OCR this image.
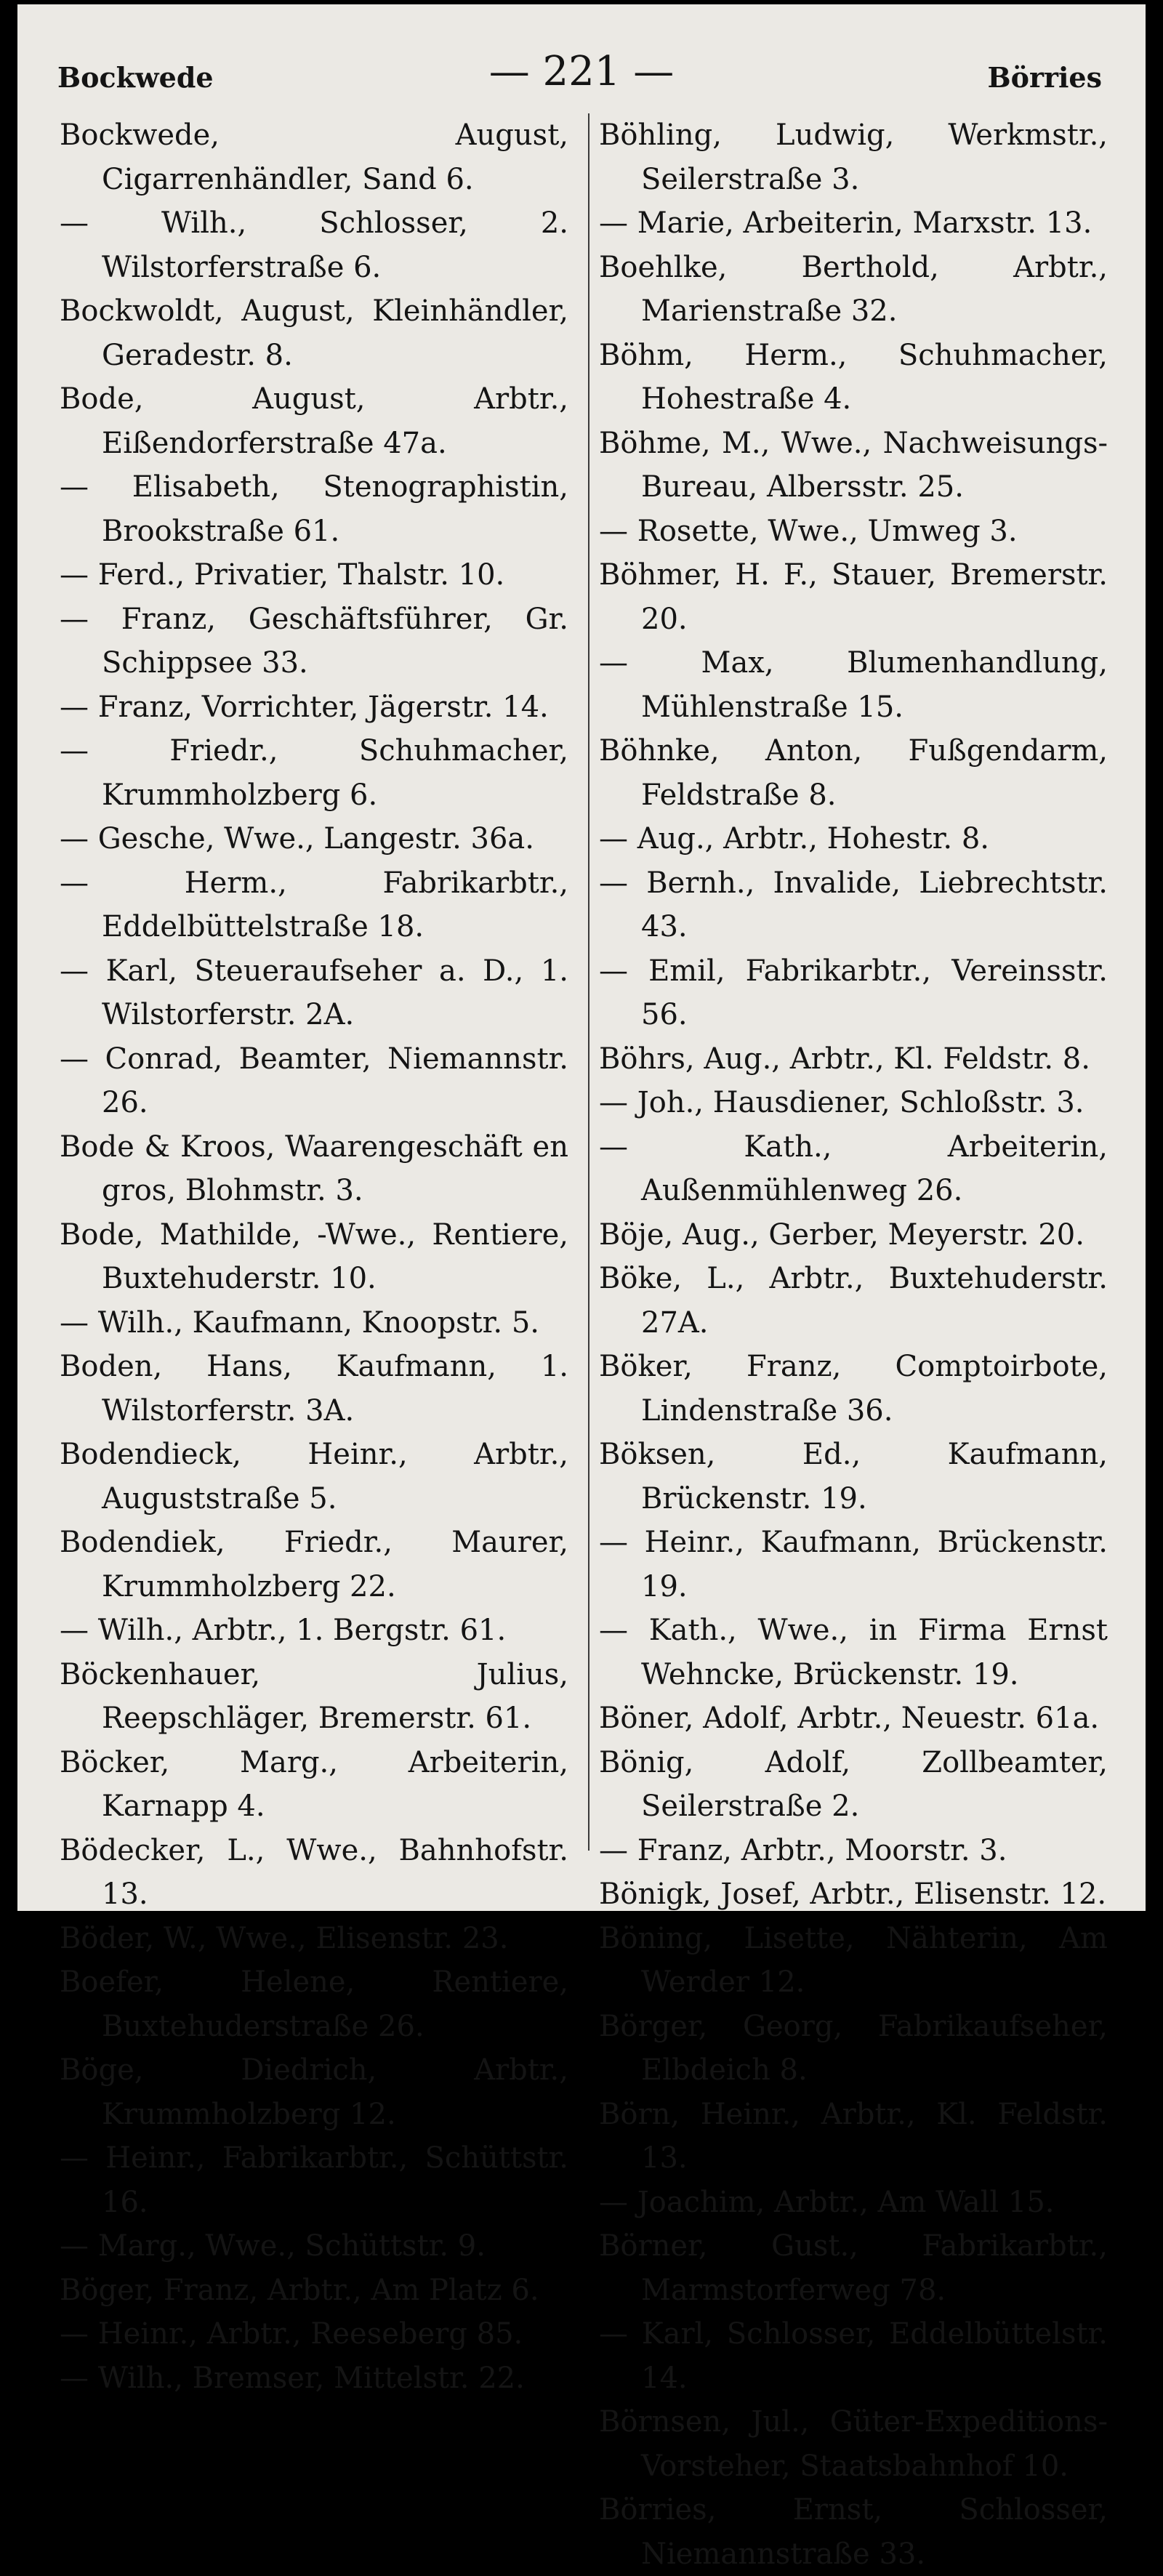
Bockwede	— 221 —	Börries

Bockwede, August, Cigarrenhändler, Sand 6.

— Wilh., Schlosser, 2. Wilstorferstraße 6.

Bockwoldt, August, Kleinhändler, Geradestr. 8.

Bode, August, Arbtr., Eißendorferstraße 47a.

— Elisabeth, Stenographistin, Brookstraße 61.

— Ferd., Privatier, Thalstr. 10.

— Franz, Geschäftsführer, Gr. Schippsee 33.

— Franz, Vorrichter, Jägerstr. 14.

— Friedr., Schuhmacher, Krummholzberg 6.

— Gesche, Wwe., Langestr. 36a.

— Herm., Fabrikarbtr., Eddelbüttelstraße 18.

— Karl, Steueraufseher a. D., 1. Wilstorferstr. 2A.

— Conrad, Beamter, Niemannstr. 26.

Bode & Kroos, Waarengeschäft en gros, Blohmstr. 3.

Bode, Mathilde, -Wwe., Rentiere, Buxtehuderstr. 10.

— Wilh., Kaufmann, Knoopstr. 5.

Boden, Hans, Kaufmann, 1. Wilstorferstr. 3A.

Bodendieck, Heinr., Arbtr., Auguststraße 5.

Bodendiek, Friedr., Maurer, Krummholzberg 22.

— Wilh., Arbtr., 1. Bergstr. 61.

Böckenhauer, Julius, Reepschläger, Bremerstr. 61.

Böcker, Marg., Arbeiterin, Karnapp 4.

Bödecker, L., Wwe., Bahnhofstr. 13.

Böder, W., Wwe., Elisenstr. 23.

Boefer, Helene, Rentiere, Buxtehuderstraße 26.

Böge, Diedrich, Arbtr., Krummholzberg 12.

— Heinr., Fabrikarbtr., Schüttstr. 16.

— Marg., Wwe., Schüttstr. 9.

Böger, Franz, Arbtr., Am Platz 6.

— Heinr., Arbtr., Reeseberg 85.

— Wilh., Bremser, Mittelstr. 22.

Böhling, Ludwig, Werkmstr., Seilerstraße 3.

— Marie, Arbeiterin, Marxstr. 13.

Boehlke, Berthold, Arbtr., Marienstraße 32.

Böhm, Herm., Schuhmacher, Hohestraße 4.

Böhme, M., Wwe., Nachweisungs-Bureau, Albersstr. 25.

— Rosette, Wwe., Umweg 3.

Böhmer, H. F., Stauer, Bremerstr. 20.

— Max, Blumenhandlung, Mühlenstraße 15.

Böhnke, Anton, Fußgendarm, Feldstraße 8.

— Aug., Arbtr., Hohestr. 8.

— Bernh., Invalide, Liebrechtstr. 43.

— Emil, Fabrikarbtr., Vereinsstr. 56.

Böhrs, Aug., Arbtr., Kl. Feldstr. 8.

— Joh., Hausdiener, Schloßstr. 3.

— Kath., Arbeiterin, Außenmühlenweg 26.

Böje, Aug., Gerber, Meyerstr. 20.

Böke, L., Arbtr., Buxtehuderstr. 27A.

Böker, Franz, Comptoirbote, Lindenstraße 36.

Böksen, Ed., Kaufmann, Brückenstr. 19.

— Heinr., Kaufmann, Brückenstr. 19.

— Kath., Wwe., in Firma Ernst Wehncke, Brückenstr. 19.

Böner, Adolf, Arbtr., Neuestr. 61a.

Bönig, Adolf, Zollbeamter, Seilerstraße 2.

— Franz, Arbtr., Moorstr. 3.

Bönigk, Josef, Arbtr., Elisenstr. 12.

Böning, Lisette, Nähterin, Am Werder 12.

Börger, Georg, Fabrikaufseher, Elbdeich 8.

Börn, Heinr., Arbtr., Kl. Feldstr. 13.

— Joachim, Arbtr., Am Wall 15.

Börner, Gust., Fabrikarbtr., Marmstorferweg 78.

— Karl, Schlosser, Eddelbüttelstr. 14.

Börnsen, Jul., Güter-Expeditions-Vorsteher, Staatsbahnhof 10.

Börries, Ernst, Schlosser, Niemannstraße 33.
